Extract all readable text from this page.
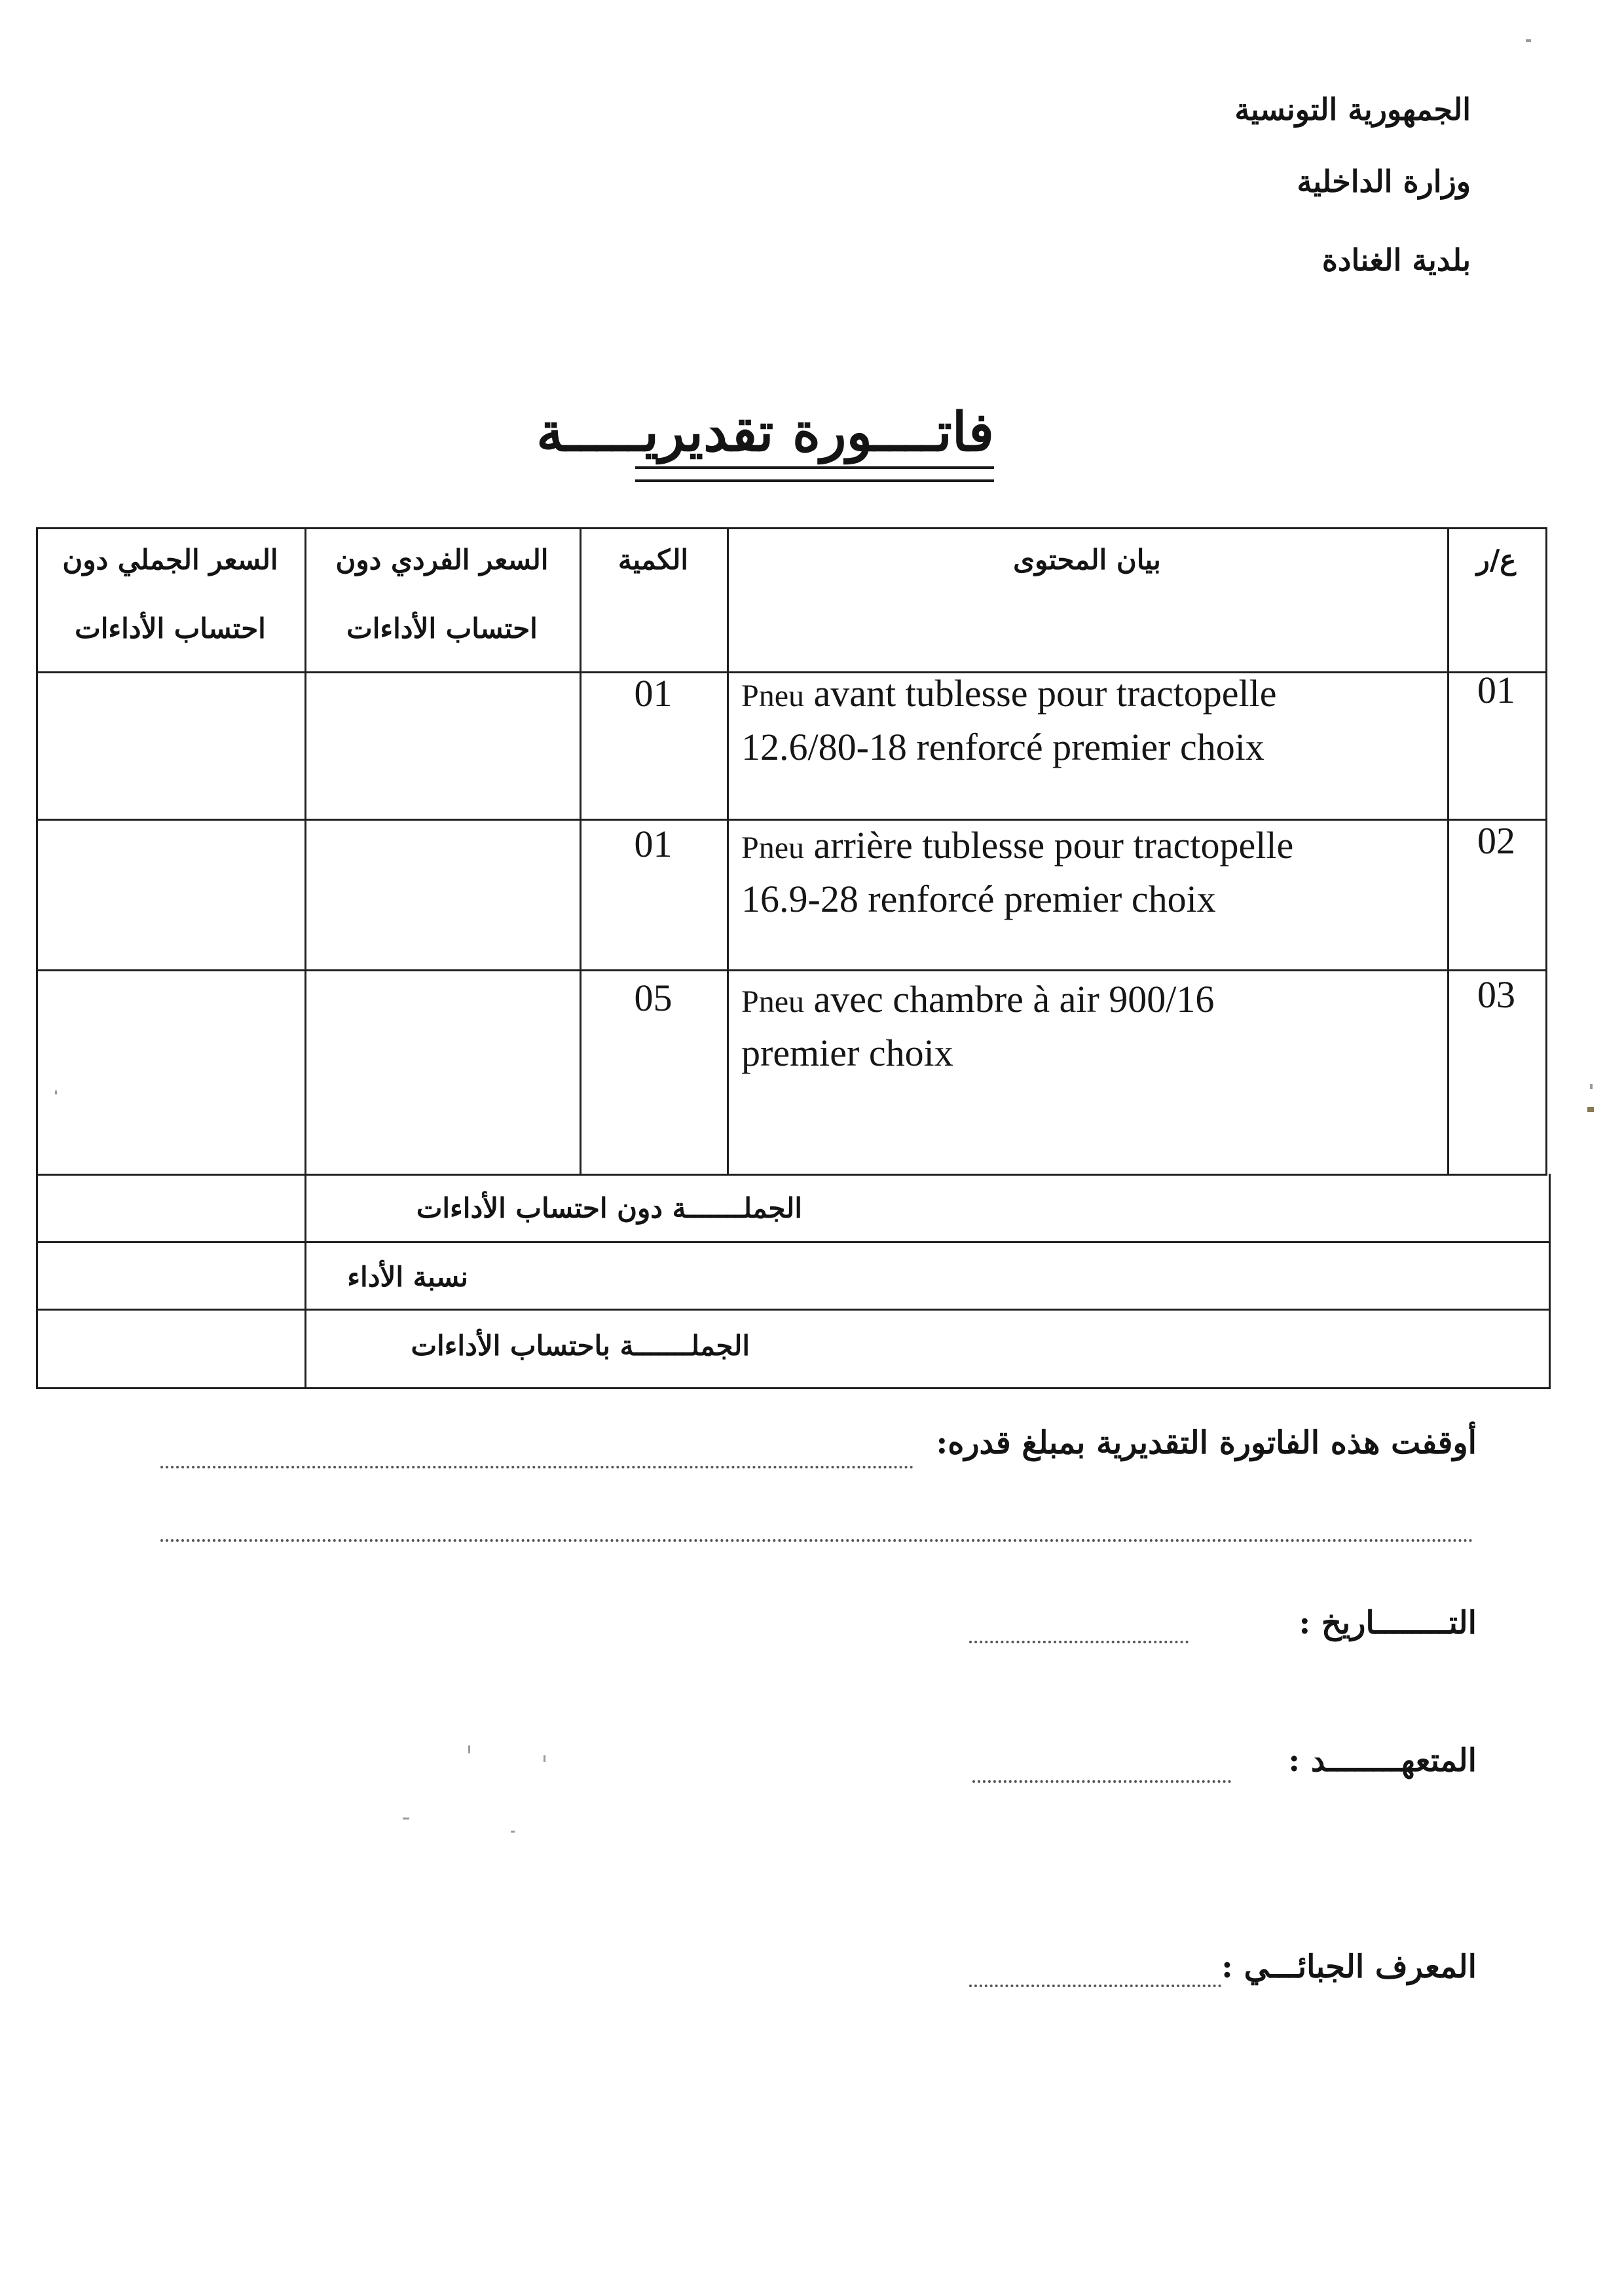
الجمهورية التونسية
وزارة الداخلية
بلدية الغنادة
فاتــــورة تقديريـــــة
ع/ر
بيان المحتوى
الكمية
السعر الفردي دون
احتساب الأداءات
السعر الجملي دون
احتساب الأداءات
01
Pneu avant tublesse pour tractopelle
12.6/80-18 renforcé premier choix
01
02
Pneu arrière tublesse pour tractopelle
16.9-28 renforcé premier choix
01
03
Pneu avec chambre à air 900/16
premier choix
05
الجملـــــــة دون احتساب الأداءات
نسبة الأداء
الجملـــــــة باحتساب الأداءات
أوقفت هذه الفاتورة التقديرية بمبلغ قدره:
التــــــــاريخ :
المتعهــــــــد :
المعرف الجبائـــي :
